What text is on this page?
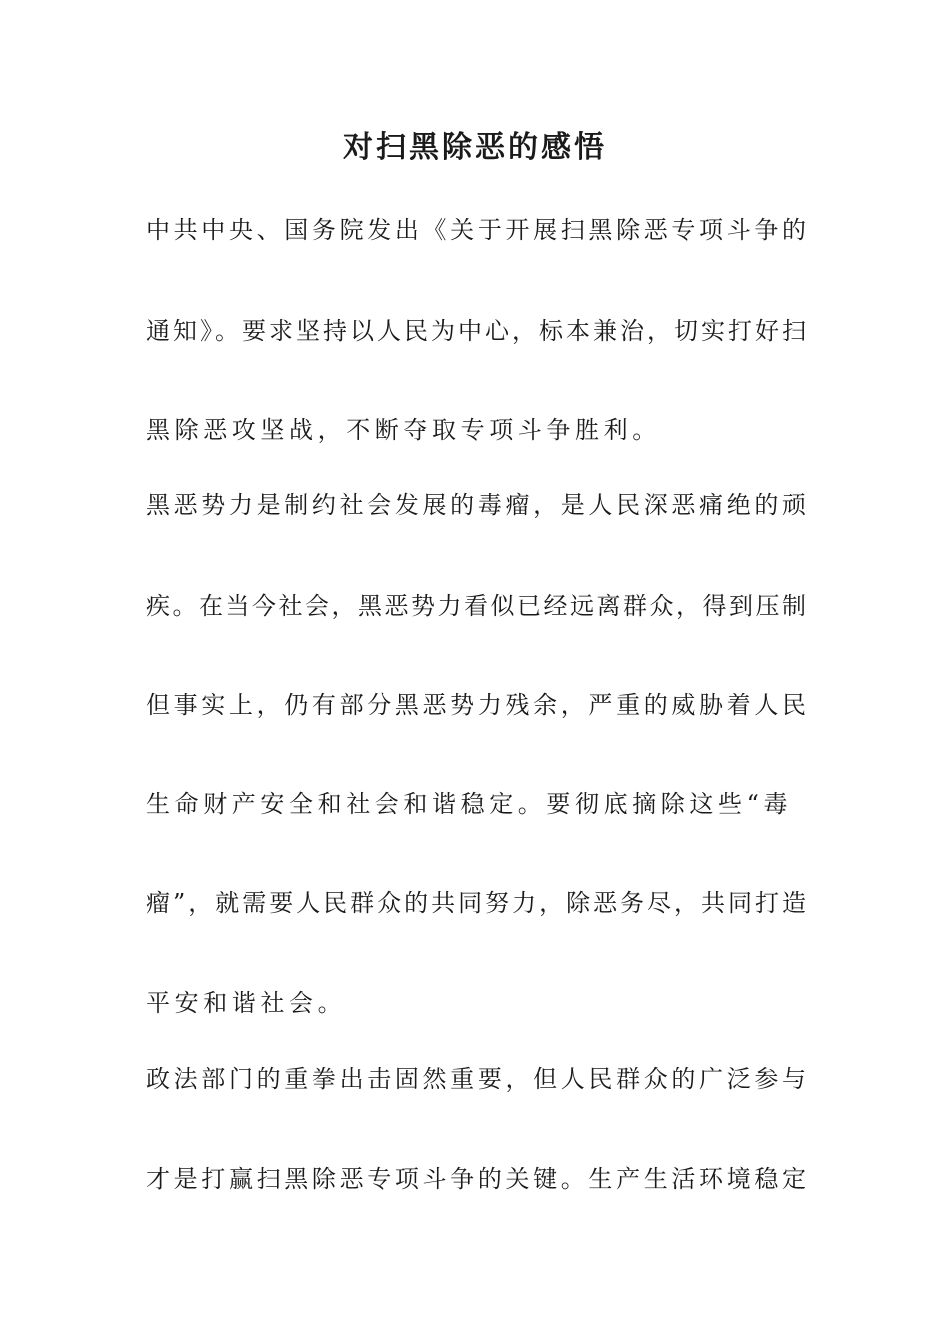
对扫黑除恶的感悟
中共中央、国务院发出《关于开展扫黑除恶专项斗争的
通知》。要求坚持以人民为中心，标本兼治，切实打好扫
黑除恶攻坚战，不断夺取专项斗争胜利。
黑恶势力是制约社会发展的毒瘤，是人民深恶痛绝的顽
疾。在当今社会，黑恶势力看似已经远离群众，得到压制
但事实上，仍有部分黑恶势力残余，严重的威胁着人民
生命财产安全和社会和谐稳定。要彻底摘除这些“毒
瘤”，就需要人民群众的共同努力，除恶务尽，共同打造
平安和谐社会。
政法部门的重拳出击固然重要，但人民群众的广泛参与
才是打赢扫黑除恶专项斗争的关键。生产生活环境稳定
